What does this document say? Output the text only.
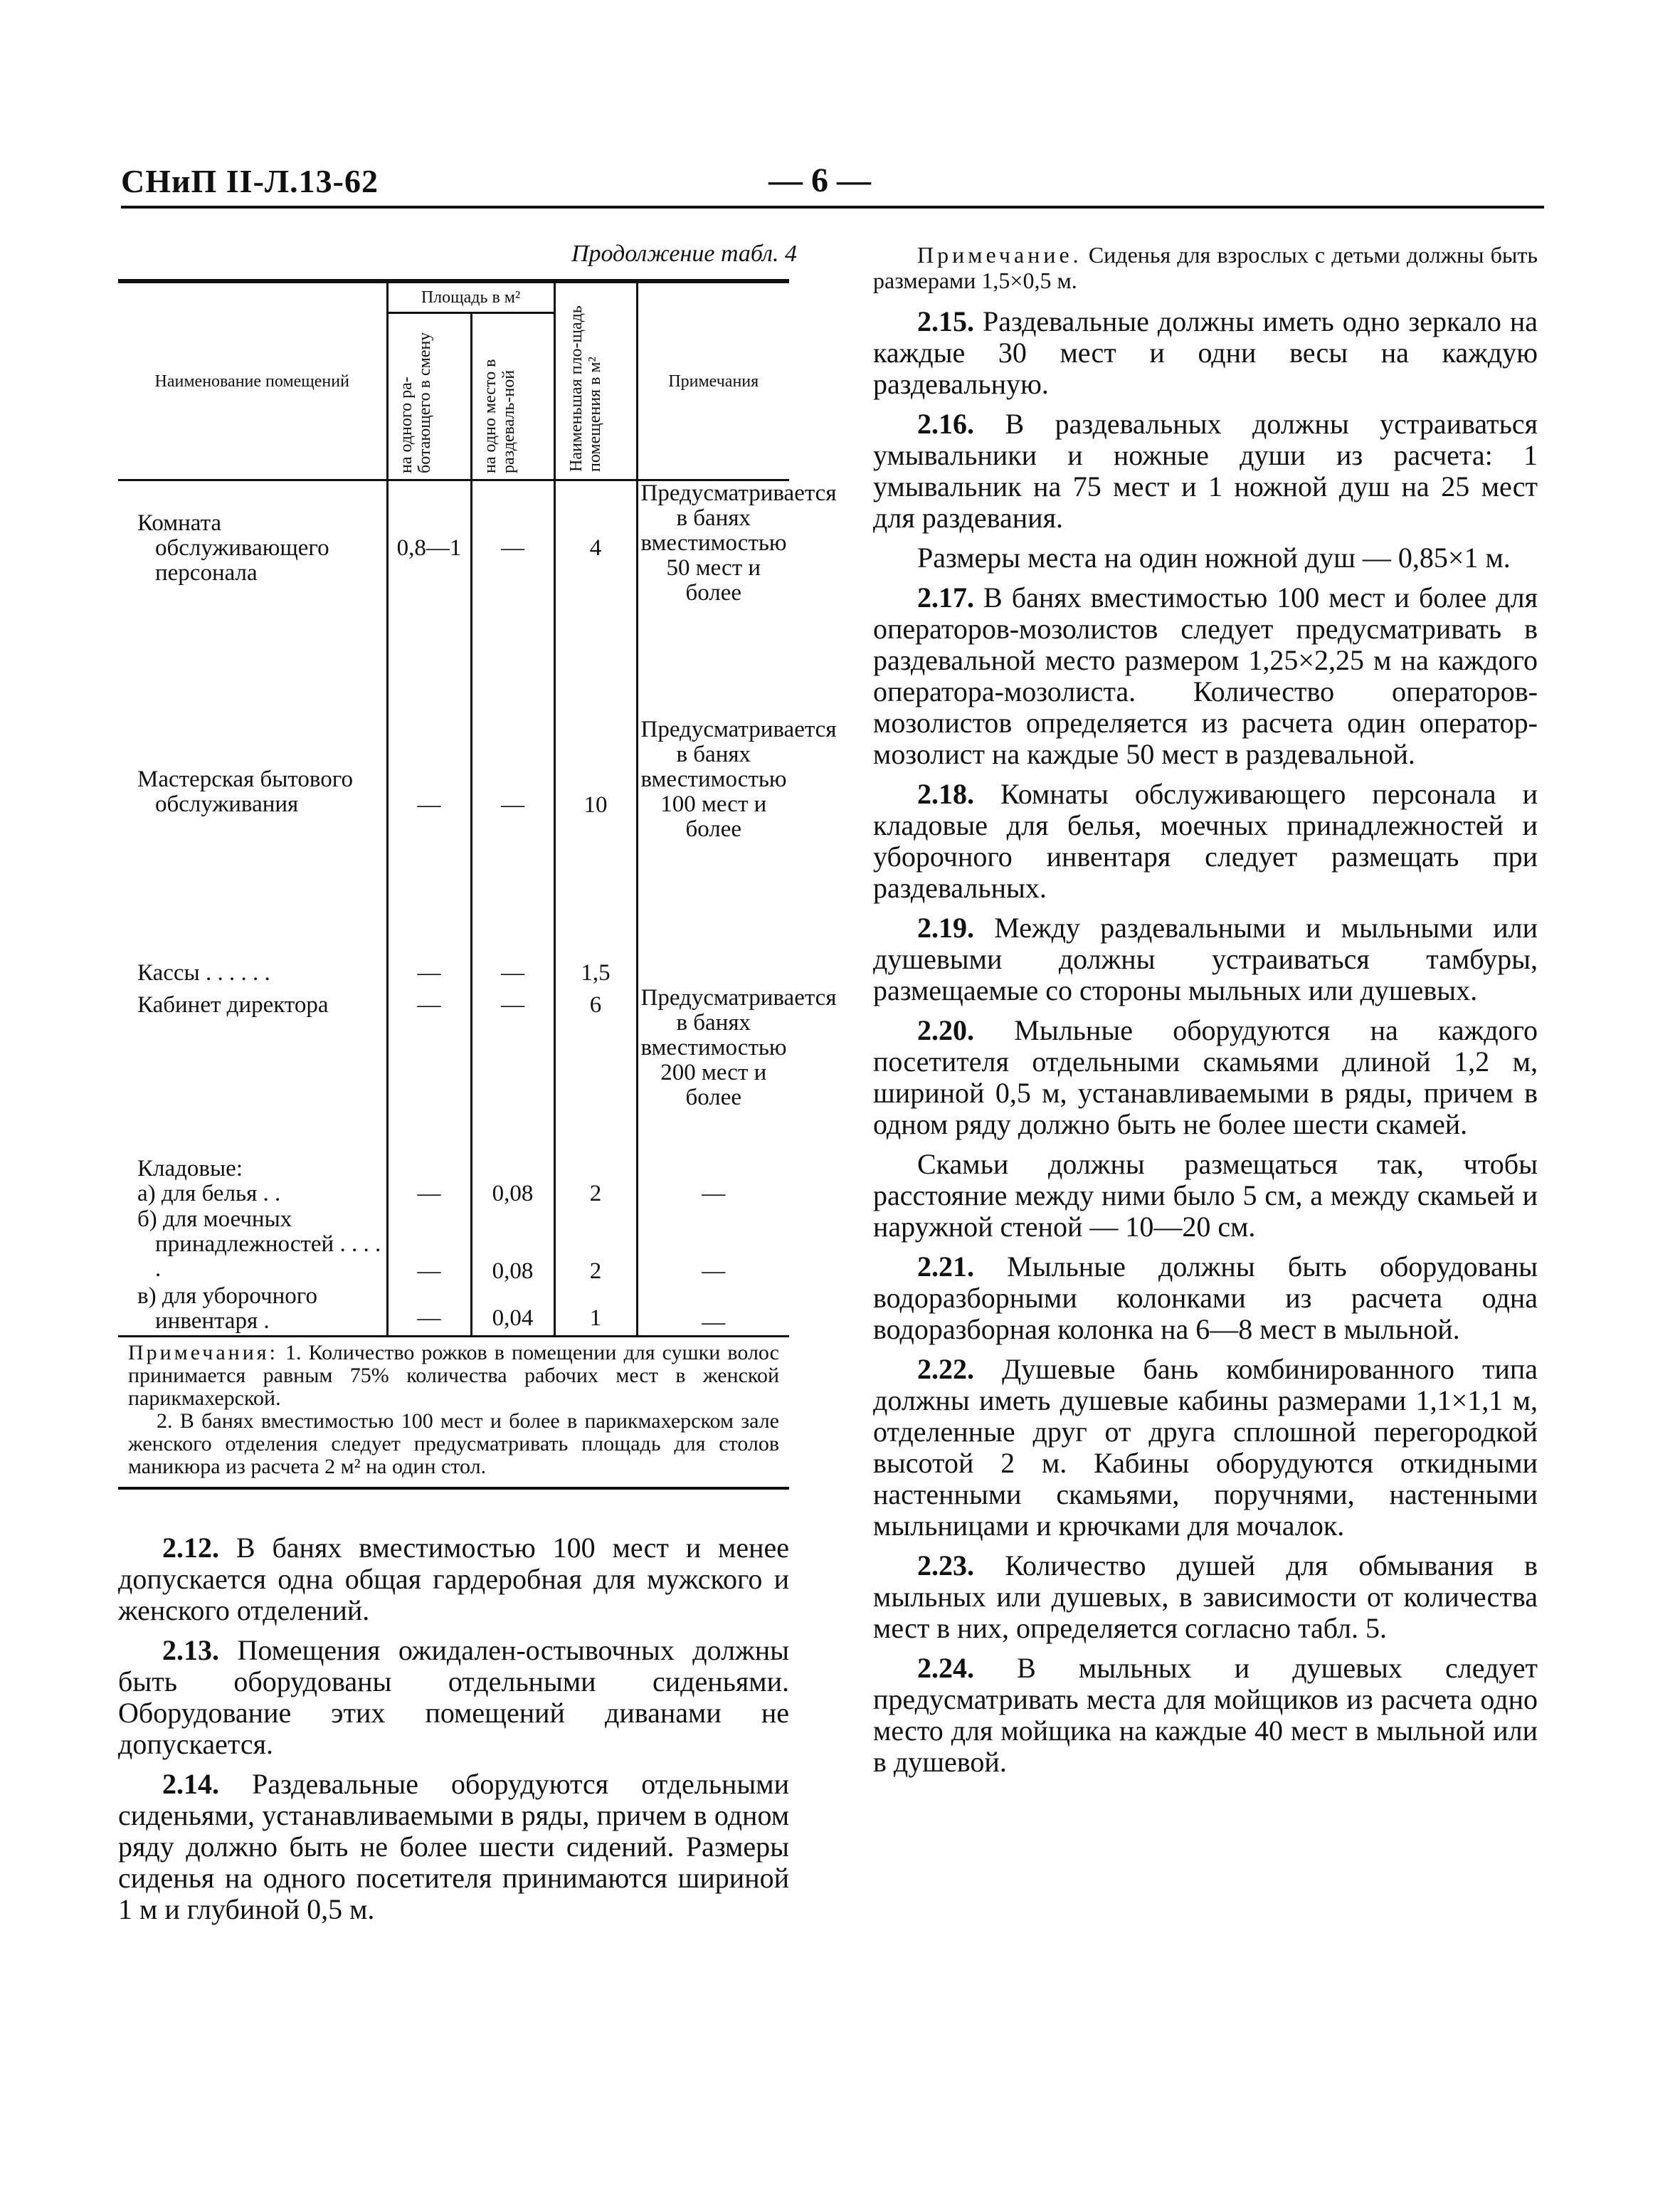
СНиП II-Л.13-62	— 6 —
Продолжение табл. 4
Наименование помещений	Площадь в м²		Наименьшая пло-щадь помещения в м²	Примечания

	на одного ра-ботающего в смену	на одно место в раздеваль-ной		

Комната обслуживающего персонала	0,8—1	—	4	Предусматривается в банях вместимостью 50 мест и более
Мастерская бытового обслуживания	—	—	10	Предусматривается в банях вместимостью 100 мест и более
Кассы . . . . . .	—	—	1,5	
Кабинет директора	—	—	6	Предусматривается в банях вместимостью 200 мест и более
Кладовые:				
а) для белья . .	—	0,08	2	—
б) для моечных принадлежностей . . . . .	—	0,08	2	—
в) для уборочного инвентаря .	—	0,04	1	—
Примечания: 1. Количество рожков в помещении для сушки волос принимается равным 75% количества рабочих мест в женской парикмахерской.
2. В банях вместимостью 100 мест и более в парикмахерском зале женского отделения следует предусматривать площадь для столов маникюра из расчета 2 м² на один стол.				

2.12. В банях вместимостью 100 мест и менее допускается одна общая гардеробная для мужского и женского отделений.

2.13. Помещения ожидален-остывочных должны быть оборудованы отдельными сиденьями. Оборудование этих помещений диванами не допускается.

2.14. Раздевальные оборудуются отдельными сиденьями, устанавливаемыми в ряды, причем в одном ряду должно быть не более шести сидений. Размеры сиденья на одного посетителя принимаются шириной 1 м и глубиной 0,5 м.

Примечание. Сиденья для взрослых с детьми должны быть размерами 1,5×0,5 м.

2.15. Раздевальные должны иметь одно зеркало на каждые 30 мест и одни весы на каждую раздевальную.

2.16. В раздевальных должны устраиваться умывальники и ножные души из расчета: 1 умывальник на 75 мест и 1 ножной душ на 25 мест для раздевания.

Размеры места на один ножной душ — 0,85×1 м.

2.17. В банях вместимостью 100 мест и более для операторов-мозолистов следует предусматривать в раздевальной место размером 1,25×2,25 м на каждого оператора-мозолиста. Количество операторов-мозолистов определяется из расчета один оператор-мозолист на каждые 50 мест в раздевальной.

2.18. Комнаты обслуживающего персонала и кладовые для белья, моечных принадлежностей и уборочного инвентаря следует размещать при раздевальных.

2.19. Между раздевальными и мыльными или душевыми должны устраиваться тамбуры, размещаемые со стороны мыльных или душевых.

2.20. Мыльные оборудуются на каждого посетителя отдельными скамьями длиной 1,2 м, шириной 0,5 м, устанавливаемыми в ряды, причем в одном ряду должно быть не более шести скамей.

Скамьи должны размещаться так, чтобы расстояние между ними было 5 см, а между скамьей и наружной стеной — 10—20 см.

2.21. Мыльные должны быть оборудованы водоразборными колонками из расчета одна водоразборная колонка на 6—8 мест в мыльной.

2.22. Душевые бань комбинированного типа должны иметь душевые кабины размерами 1,1×1,1 м, отделенные друг от друга сплошной перегородкой высотой 2 м. Кабины оборудуются откидными настенными скамьями, поручнями, настенными мыльницами и крючками для мочалок.

2.23. Количество душей для обмывания в мыльных или душевых, в зависимости от количества мест в них, определяется согласно табл. 5.

2.24. В мыльных и душевых следует предусматривать места для мойщиков из расчета одно место для мойщика на каждые 40 мест в мыльной или в душевой.
